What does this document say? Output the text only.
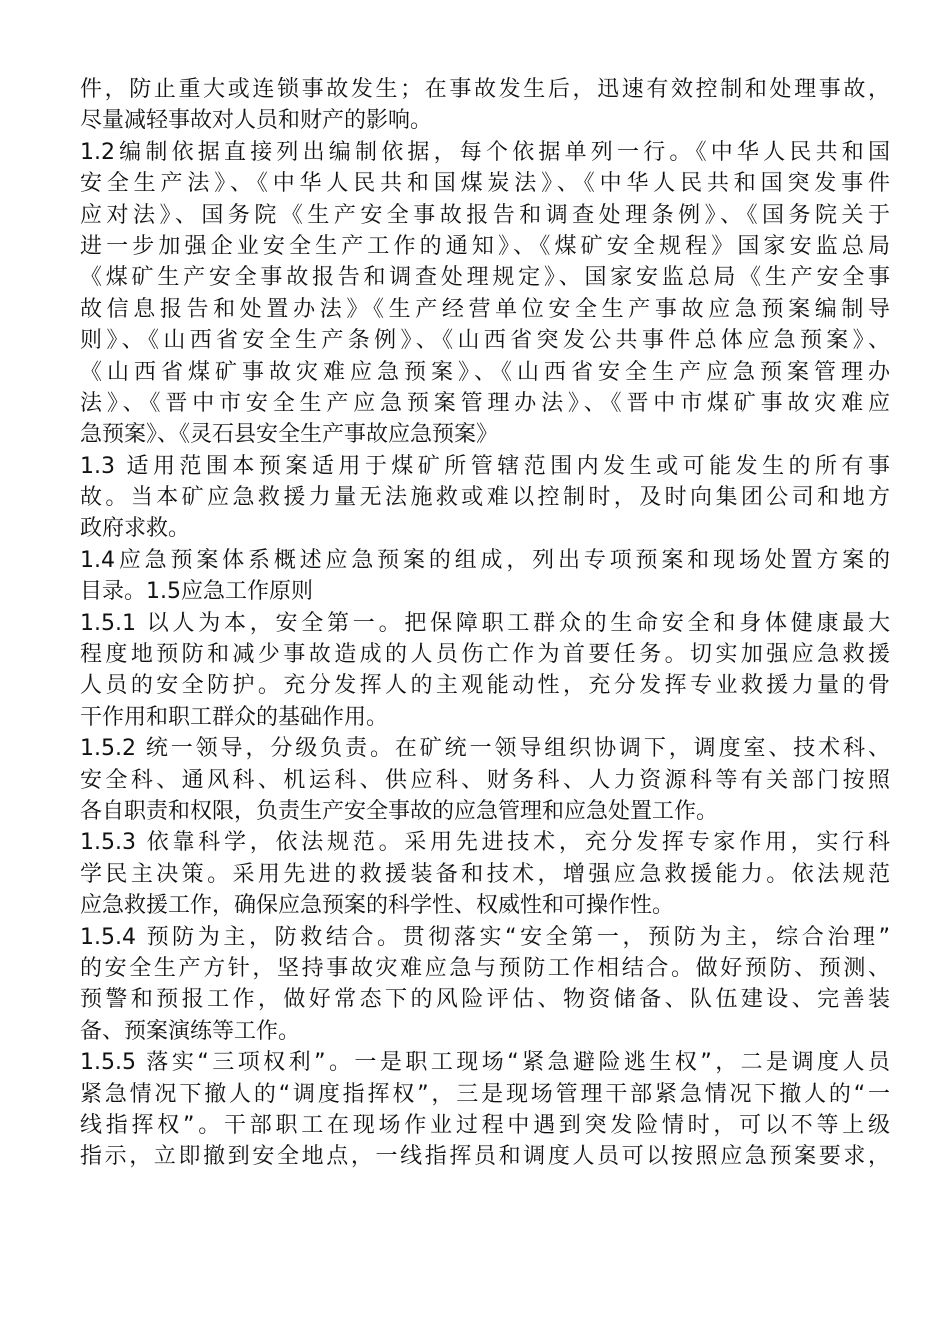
件，防止重大或连锁事故发生；在事故发生后，迅速有效控制和处理事故，
尽量减轻事故对人员和财产的影响。
1.2编制依据直接列出编制依据，每个依据单列一行。《中华人民共和国
安全生产法》、《中华人民共和国煤炭法》、《中华人民共和国突发事件
应对法》、国务院《生产安全事故报告和调查处理条例》、《国务院关于
进一步加强企业安全生产工作的通知》、《煤矿安全规程》国家安监总局
《煤矿生产安全事故报告和调查处理规定》、国家安监总局《生产安全事
故信息报告和处置办法》《生产经营单位安全生产事故应急预案编制导
则》、《山西省安全生产条例》、《山西省突发公共事件总体应急预案》、
《山西省煤矿事故灾难应急预案》、《山西省安全生产应急预案管理办
法》、《晋中市安全生产应急预案管理办法》、《晋中市煤矿事故灾难应
急预案》、《灵石县安全生产事故应急预案》
1.3 适用范围本预案适用于煤矿所管辖范围内发生或可能发生的所有事
故。当本矿应急救援力量无法施救或难以控制时，及时向集团公司和地方
政府求救。
1.4应急预案体系概述应急预案的组成，列出专项预案和现场处置方案的
目录。1.5应急工作原则
1.5.1 以人为本，安全第一。把保障职工群众的生命安全和身体健康最大
程度地预防和减少事故造成的人员伤亡作为首要任务。切实加强应急救援
人员的安全防护。充分发挥人的主观能动性，充分发挥专业救援力量的骨
干作用和职工群众的基础作用。
1.5.2 统一领导，分级负责。在矿统一领导组织协调下，调度室、技术科、
安全科、通风科、机运科、供应科、财务科、人力资源科等有关部门按照
各自职责和权限，负责生产安全事故的应急管理和应急处置工作。
1.5.3 依靠科学，依法规范。采用先进技术，充分发挥专家作用，实行科
学民主决策。采用先进的救援装备和技术，增强应急救援能力。依法规范
应急救援工作，确保应急预案的科学性、权威性和可操作性。
1.5.4 预防为主，防救结合。贯彻落实“安全第一，预防为主，综合治理”
的安全生产方针，坚持事故灾难应急与预防工作相结合。做好预防、预测、
预警和预报工作，做好常态下的风险评估、物资储备、队伍建设、完善装
备、预案演练等工作。
1.5.5 落实“三项权利”。一是职工现场“紧急避险逃生权”，二是调度人员
紧急情况下撤人的“调度指挥权”，三是现场管理干部紧急情况下撤人的“一
线指挥权”。干部职工在现场作业过程中遇到突发险情时，可以不等上级
指示，立即撤到安全地点，一线指挥员和调度人员可以按照应急预案要求，
